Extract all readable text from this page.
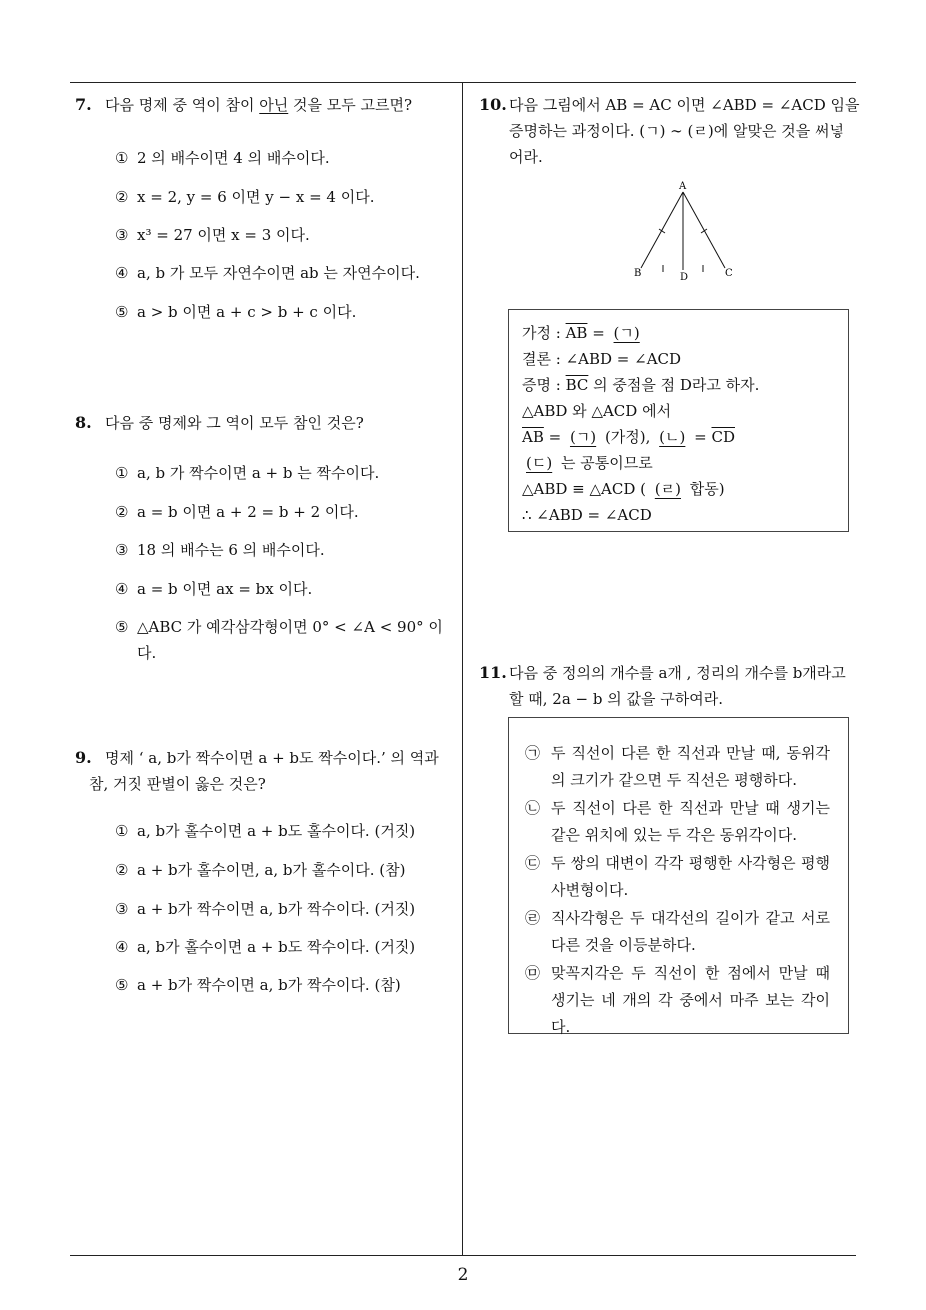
7. 다음 명제 중 역이 참이 아닌 것을 모두 고르면?
① 2 의 배수이면 4 의 배수이다.
② x = 2, y = 6 이면 y − x = 4 이다.
③ x³ = 27 이면 x = 3 이다.
④ a, b 가 모두 자연수이면 ab 는 자연수이다.
⑤ a > b 이면 a + c > b + c 이다.
8. 다음 중 명제와 그 역이 모두 참인 것은?
① a, b 가 짝수이면 a + b 는 짝수이다.
② a = b 이면 a + 2 = b + 2 이다.
③ 18 의 배수는 6 의 배수이다.
④ a = b 이면 ax = bx 이다.
⑤ △ABC 가 예각삼각형이면 0° < ∠A < 90° 이
다.
9. 명제 ‘ a, b가 짝수이면 a + b도 짝수이다.’ 의 역과
참, 거짓 판별이 옳은 것은?
① a, b가 홀수이면 a + b도 홀수이다. (거짓)
② a + b가 홀수이면, a, b가 홀수이다. (참)
③ a + b가 짝수이면 a, b가 짝수이다. (거짓)
④ a, b가 홀수이면 a + b도 짝수이다. (거짓)
⑤ a + b가 짝수이면 a, b가 짝수이다. (참)
10. 다음 그림에서 AB = AC 이면 ∠ABD = ∠ACD 임을
증명하는 과정이다. (ㄱ) ∼ (ㄹ)에 알맞은 것을 써넣
어라.
A
B	C
D
가정 : $\overline{AB}$ = (ㄱ)
결론 : ∠ABD = ∠ACD
증명 : $\overline{BC}$ 의 중점을 점 D라고 하자.
△ABD 와 △ACD 에서
$\overline{AB}$ = (ㄱ) (가정), (ㄴ) = $\overline{CD}$
(ㄷ) 는 공통이므로
△ABD ≡ △ACD ( (ㄹ) 합동)
∴ ∠ABD = ∠ACD
11. 다음 중 정의의 개수를 a개 , 정리의 개수를 b개라고
할 때, 2a − b 의 값을 구하여라.
㉠ 두 직선이 다른 한 직선과 만날 때, 동위각의 크기가 같으면 두 직선은 평행하다.
㉡ 두 직선이 다른 한 직선과 만날 때 생기는 같은 위치에 있는 두 각은 동위각이다.
㉢ 두 쌍의 대변이 각각 평행한 사각형은 평행사변형이다.
㉣ 직사각형은 두 대각선의 길이가 같고 서로 다른 것을 이등분하다.
㉤ 맞꼭지각은 두 직선이 한 점에서 만날 때 생기는 네 개의 각 중에서 마주 보는 각이다.
2
